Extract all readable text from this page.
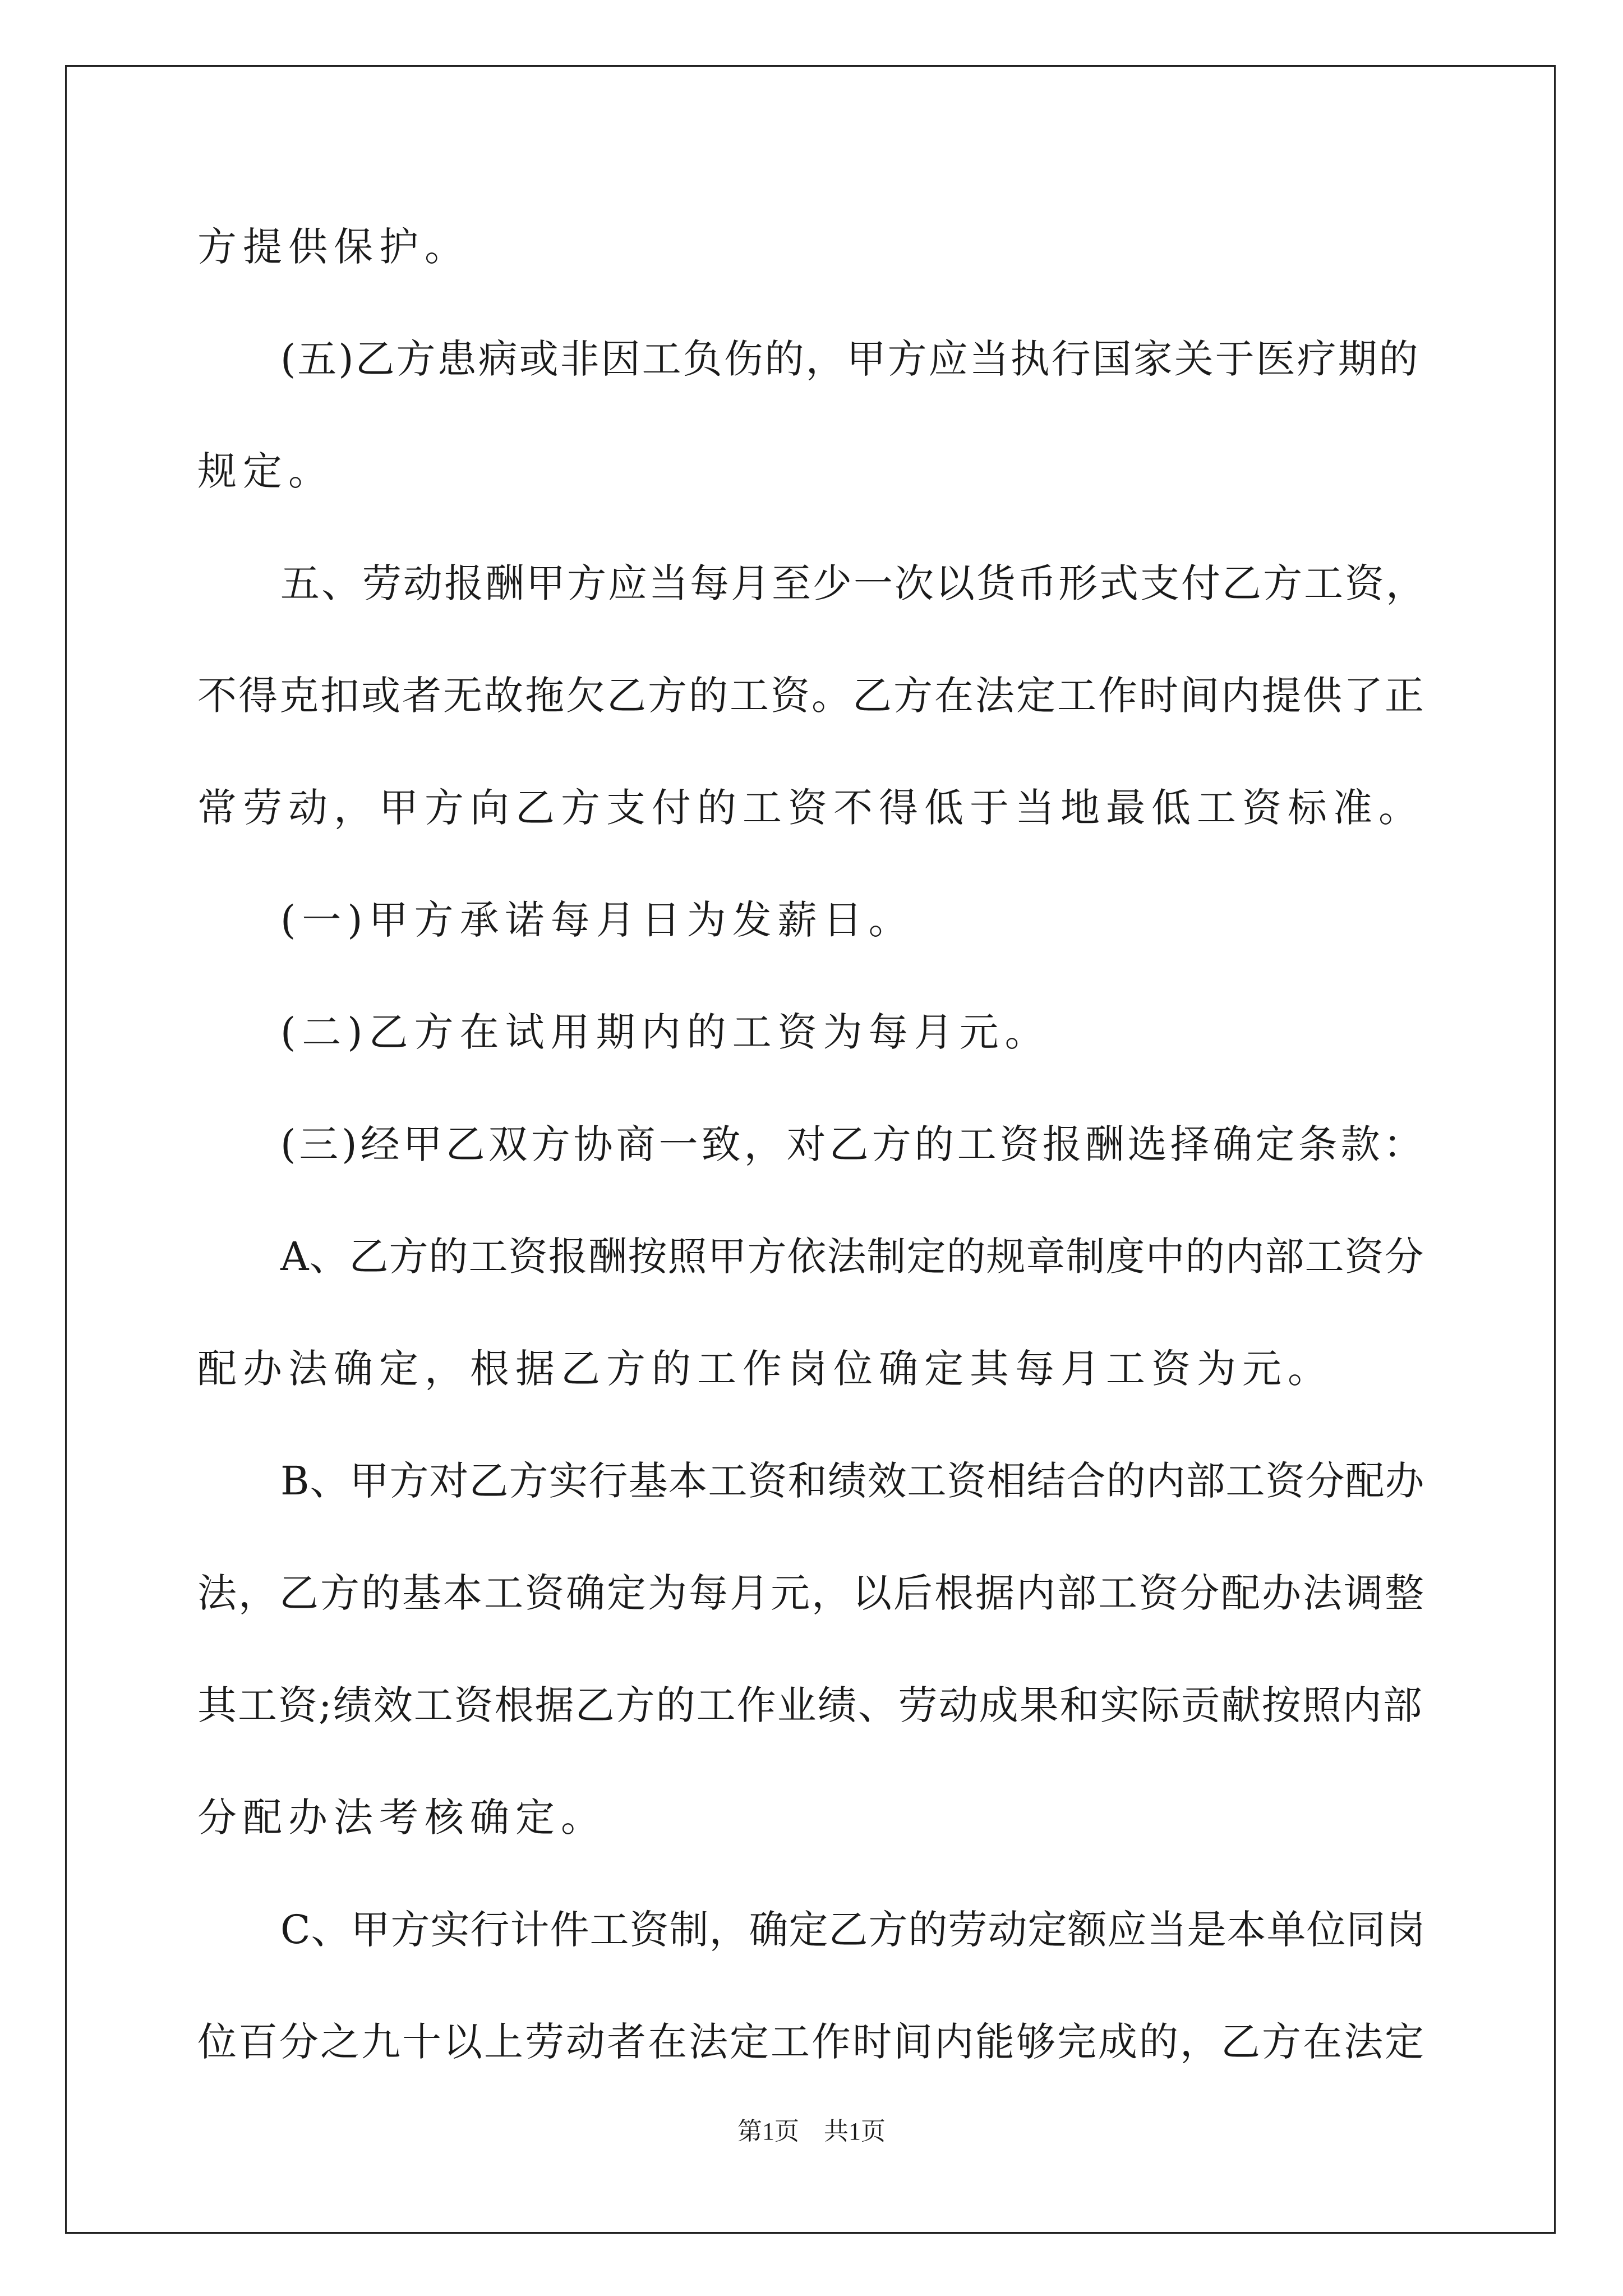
方提供保护。
(五)乙方患病或非因工负伤的，甲方应当执行国家关于医疗期的
规定。
五、劳动报酬甲方应当每月至少一次以货币形式支付乙方工资，
不得克扣或者无故拖欠乙方的工资。乙方在法定工作时间内提供了正
常劳动，甲方向乙方支付的工资不得低于当地最低工资标准。
(一)甲方承诺每月日为发薪日。
(二)乙方在试用期内的工资为每月元。
(三)经甲乙双方协商一致，对乙方的工资报酬选择确定条款：
A、乙方的工资报酬按照甲方依法制定的规章制度中的内部工资分
配办法确定，根据乙方的工作岗位确定其每月工资为元。
B、甲方对乙方实行基本工资和绩效工资相结合的内部工资分配办
法，乙方的基本工资确定为每月元，以后根据内部工资分配办法调整
其工资;绩效工资根据乙方的工作业绩、劳动成果和实际贡献按照内部
分配办法考核确定。
C、甲方实行计件工资制，确定乙方的劳动定额应当是本单位同岗
位百分之九十以上劳动者在法定工作时间内能够完成的，乙方在法定
第1页　共1页
